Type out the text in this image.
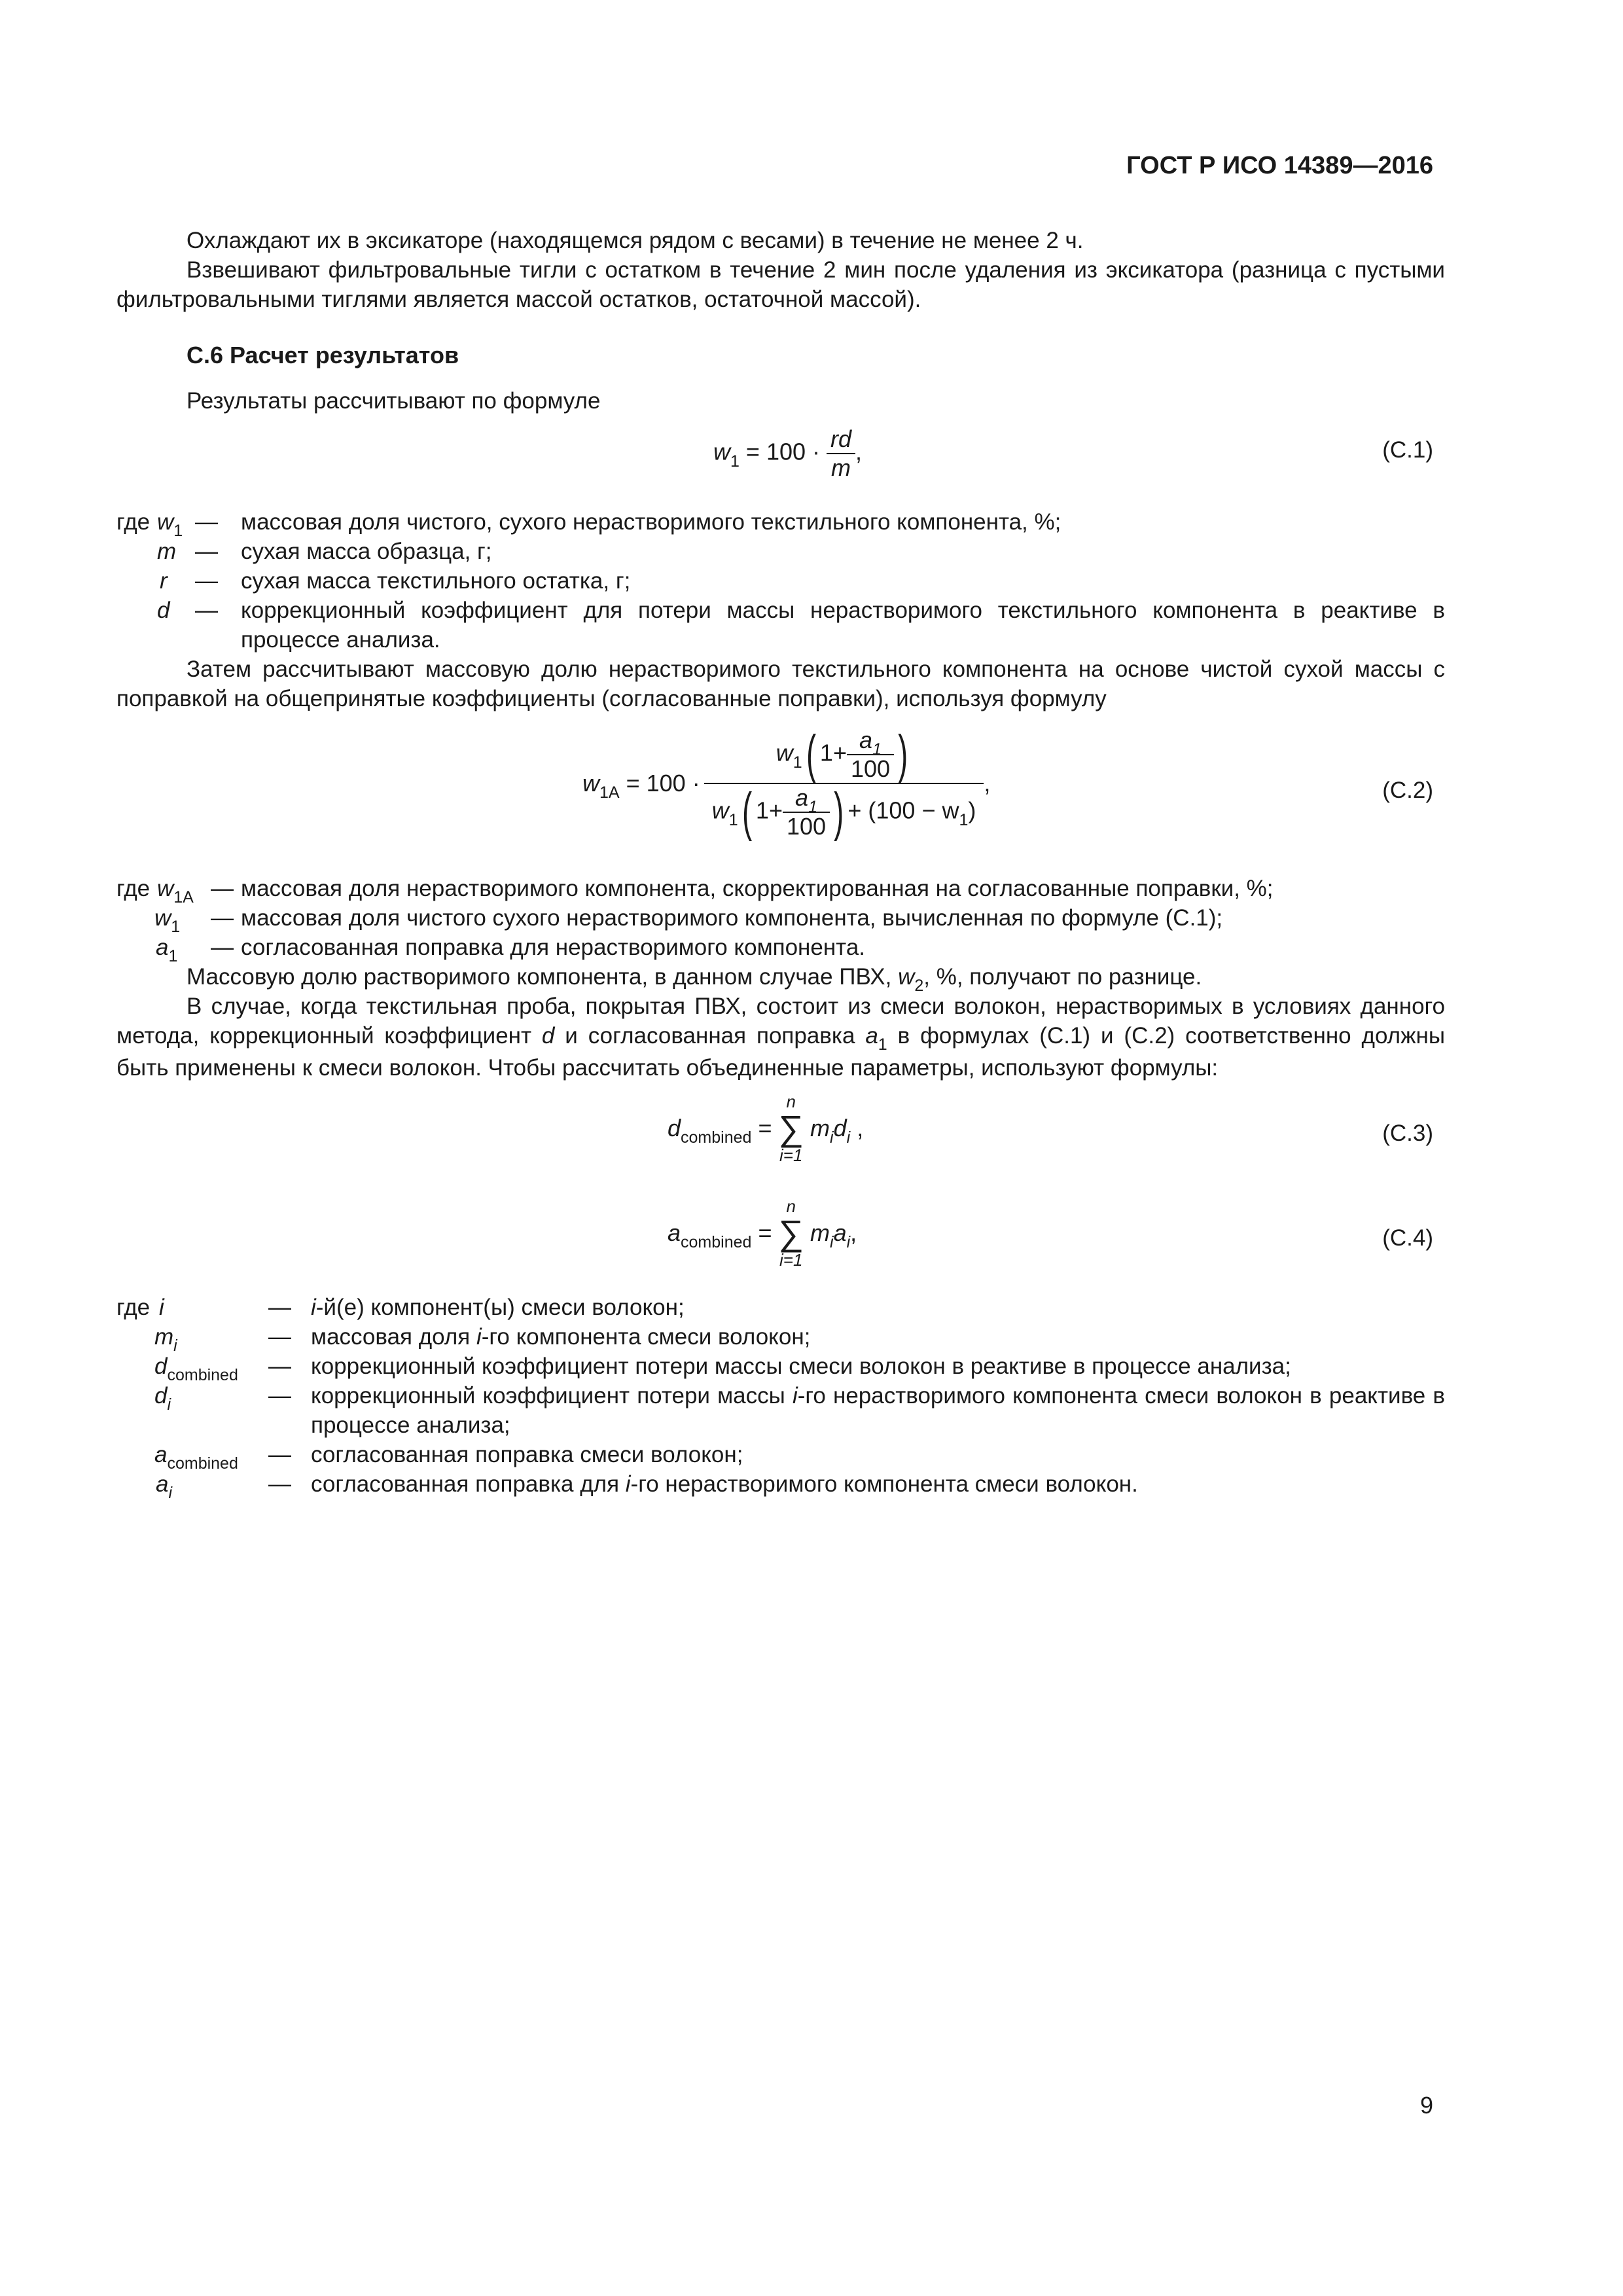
ГОСТ Р ИСО 14389—2016
Охлаждают их в эксикаторе (находящемся рядом с весами) в течение не менее 2 ч.
Взвешивают фильтровальные тигли с остатком в течение 2 мин после удаления из эксикатора (разница с пустыми фильтровальными тиглями является массой остатков, остаточной массой).
С.6 Расчет результатов
Результаты рассчитывают по формуле
$w_1 = 100 \cdot \frac{rd}{m}$ ,	(С.1)
где $w_1$ — массовая доля чистого, сухого нерастворимого текстильного компонента, %;
m — сухая масса образца, г;
r — сухая масса текстильного остатка, г;
d — коррекционный коэффициент для потери массы нерастворимого текстильного компонента в реактиве в процессе анализа.
Затем рассчитывают массовую долю нерастворимого текстильного компонента на основе чистой сухой массы с поправкой на общепринятые коэффициенты (согласованные поправки), используя формулу
$w_{1A} = 100 \cdot \frac{w_1( 1+ \frac{a_1}{100} )}{w_1( 1+ \frac{a_1}{100} ) + (100 - w_1)}$ ,	(С.2)
где $w_{1A}$ — массовая доля нерастворимого компонента, скорректированная на согласованные поправки, %;
$w_1$ — массовая доля чистого сухого нерастворимого компонента, вычисленная по формуле (С.1);
$a_1$ — согласованная поправка для нерастворимого компонента.
Массовую долю растворимого компонента, в данном случае ПВХ, $w_2$, %, получают по разнице.
В случае, когда текстильная проба, покрытая ПВХ, состоит из смеси волокон, нерастворимых в условиях данного метода, коррекционный коэффициент d и согласованная поправка $a_1$ в формулах (С.1) и (С.2) соответственно должны быть применены к смеси волокон. Чтобы рассчитать объединенные параметры, используют формулы:
$d_{combined}$ =
n
∑
i=1
$m_id_i$ ,	(С.3)
$a_{combined}$ =
n
∑
i=1
$m_ia_i$,	(С.4)
где i	— i-й(е) компонент(ы) смеси волокон;
$m_i$	— массовая доля i-го компонента смеси волокон;
$d_{combined}$ — коррекционный коэффициент потери массы смеси волокон в реактиве в процессе анализа;
$d_i$	— коррекционный коэффициент потери массы i-го нерастворимого компонента смеси волокон в реактиве в процессе анализа;
$a_{combined}$ — согласованная поправка смеси волокон;
$a_i$	— согласованная поправка для i-го нерастворимого компонента смеси волокон.
9
